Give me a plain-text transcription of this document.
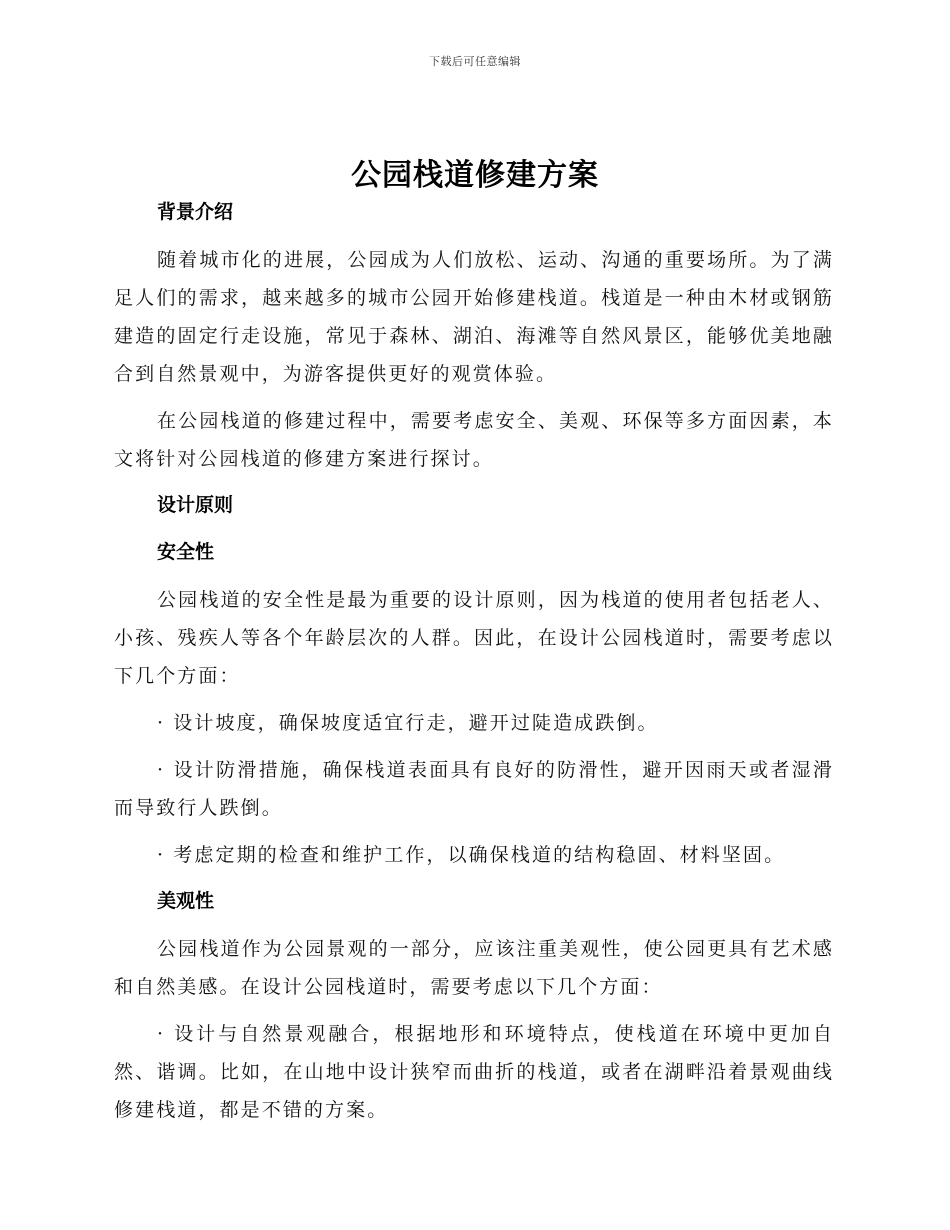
下载后可任意编辑
公园栈道修建方案
背景介绍

随着城市化的进展，公园成为人们放松、运动、沟通的重要场所。为了满足人们的需求，越来越多的城市公园开始修建栈道。栈道是一种由木材或钢筋建造的固定行走设施，常见于森林、湖泊、海滩等自然风景区，能够优美地融合到自然景观中，为游客提供更好的观赏体验。

在公园栈道的修建过程中，需要考虑安全、美观、环保等多方面因素，本文将针对公园栈道的修建方案进行探讨。

设计原则
安全性

公园栈道的安全性是最为重要的设计原则，因为栈道的使用者包括老人、小孩、残疾人等各个年龄层次的人群。因此，在设计公园栈道时，需要考虑以下几个方面：

· 设计坡度，确保坡度适宜行走，避开过陡造成跌倒。

· 设计防滑措施，确保栈道表面具有良好的防滑性，避开因雨天或者湿滑而导致行人跌倒。

· 考虑定期的检查和维护工作，以确保栈道的结构稳固、材料坚固。

美观性

公园栈道作为公园景观的一部分，应该注重美观性，使公园更具有艺术感和自然美感。在设计公园栈道时，需要考虑以下几个方面：

· 设计与自然景观融合，根据地形和环境特点，使栈道在环境中更加自然、谐调。比如，在山地中设计狭窄而曲折的栈道，或者在湖畔沿着景观曲线修建栈道，都是不错的方案。
